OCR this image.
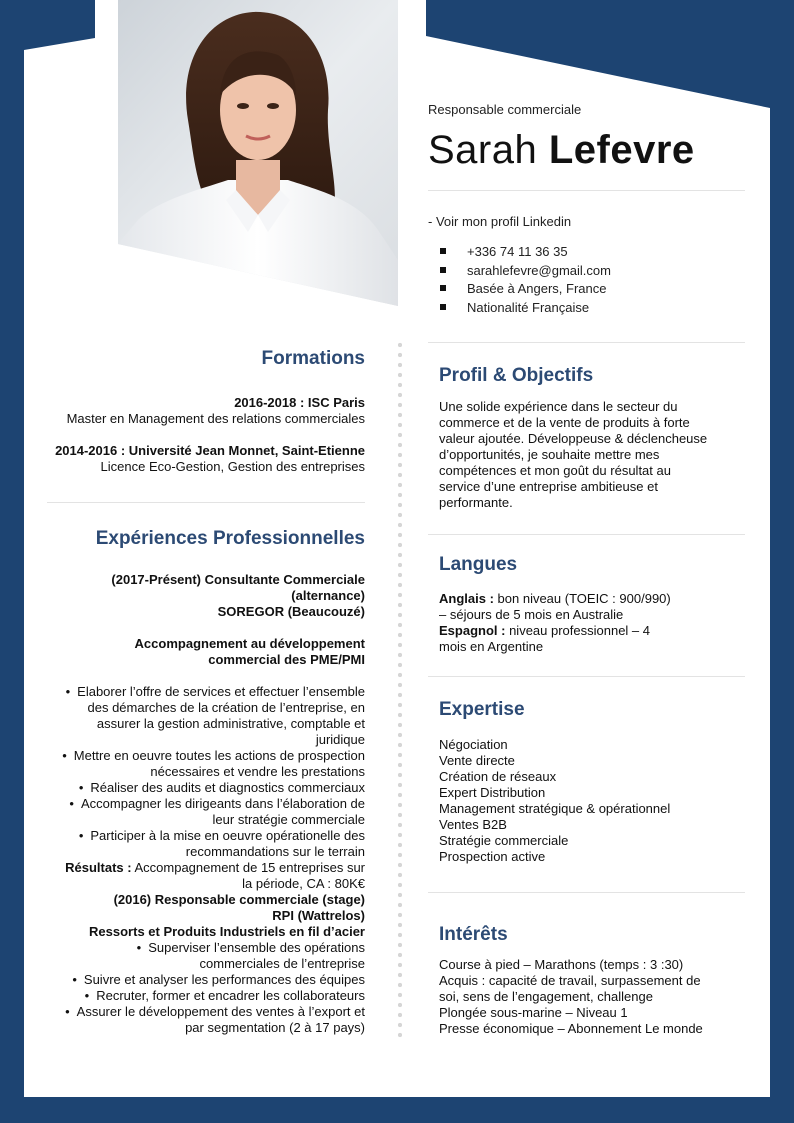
Responsable commerciale
Sarah Lefevre
- Voir mon profil Linkedin
+336 74 11 36 35
sarahlefevre@gmail.com
Basée à Angers, France
Nationalité Française
Formations
2016-2018 : ISC Paris
Master en Management des relations commerciales
2014-2016 : Université Jean Monnet, Saint-Etienne
Licence Eco-Gestion, Gestion des entreprises
Expériences Professionnelles
(2017-Présent) Consultante Commerciale
(alternance)
SOREGOR (Beaucouzé)
Accompagnement au développement
commercial des PME/PMI
• Elaborer l’offre de services et effectuer l’ensemble
des démarches de la création de l’entreprise, en
assurer la gestion administrative, comptable et
juridique
• Mettre en oeuvre toutes les actions de prospection
nécessaires et vendre les prestations
• Réaliser des audits et diagnostics commerciaux
• Accompagner les dirigeants dans l’élaboration de
leur stratégie commerciale
• Participer à la mise en oeuvre opérationelle des
recommandations sur le terrain
Résultats : Accompagnement de 15 entreprises sur
la période, CA : 80K€
(2016) Responsable commerciale (stage)
RPI (Wattrelos)
Ressorts et Produits Industriels en fil d’acier
• Superviser l’ensemble des opérations
commerciales de l’entreprise
• Suivre et analyser les performances des équipes
• Recruter, former et encadrer les collaborateurs
• Assurer le développement des ventes à l’export et
par segmentation (2 à 17 pays)
Profil & Objectifs
Une solide expérience dans le secteur du
commerce et de la vente de produits à forte
valeur ajoutée. Développeuse & déclencheuse
d’opportunités, je souhaite mettre mes
compétences et mon goût du résultat au
service d’une entreprise ambitieuse et
performante.
Langues
Anglais : bon niveau (TOEIC : 900/990)
– séjours de 5 mois en Australie
Espagnol : niveau professionnel – 4
mois en Argentine
Expertise
Négociation
Vente directe
Création de réseaux
Expert Distribution
Management stratégique & opérationnel
Ventes B2B
Stratégie commerciale
Prospection active
Intérêts
Course à pied – Marathons (temps : 3 :30)
Acquis : capacité de travail, surpassement de
soi, sens de l’engagement, challenge
Plongée sous-marine – Niveau 1
Presse économique – Abonnement Le monde
